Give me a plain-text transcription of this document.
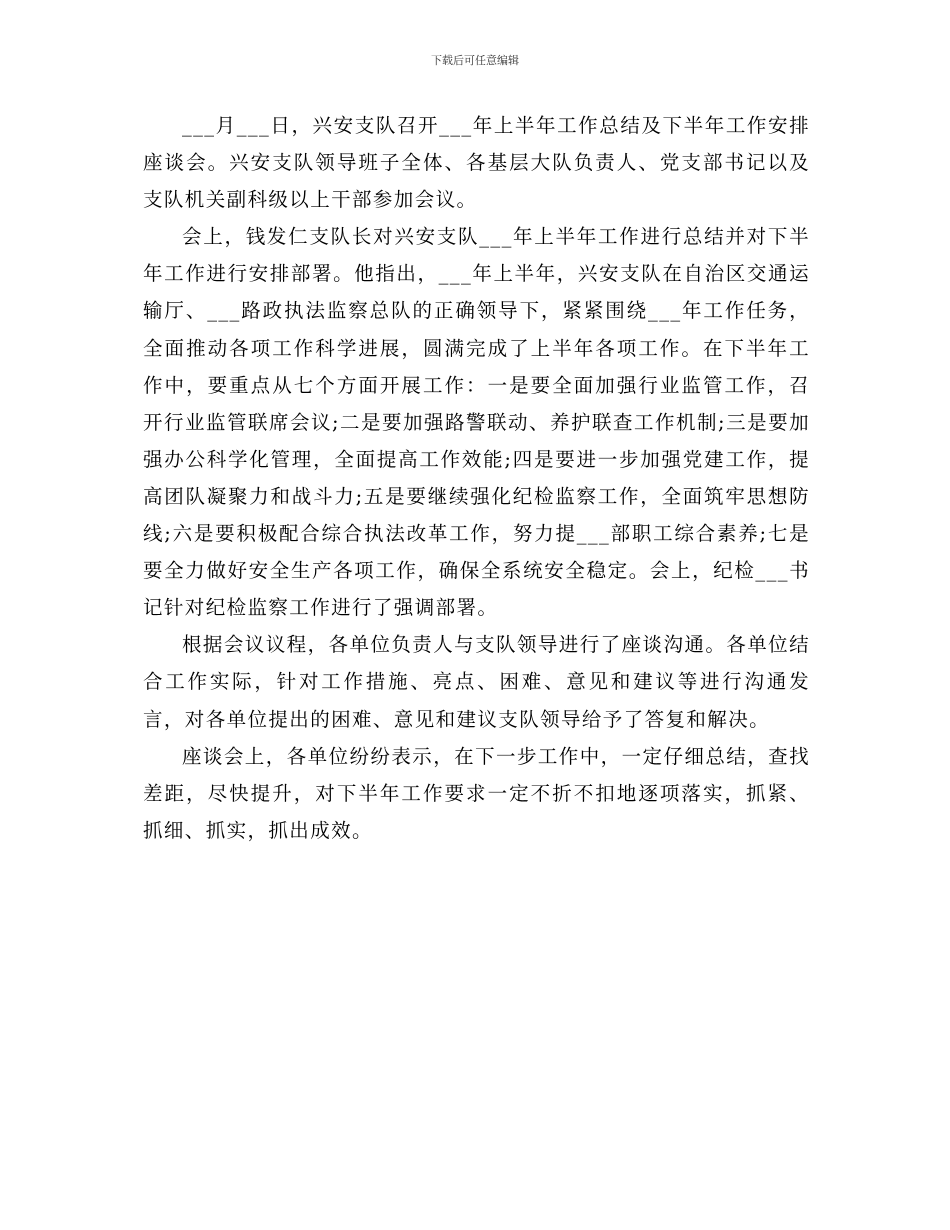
下载后可任意编辑

___月___日，兴安支队召开___年上半年工作总结及下半年工作安排座谈会。兴安支队领导班子全体、各基层大队负责人、党支部书记以及支队机关副科级以上干部参加会议。

会上，钱发仁支队长对兴安支队___年上半年工作进行总结并对下半年工作进行安排部署。他指出，___年上半年，兴安支队在自治区交通运输厅、___路政执法监察总队的正确领导下，紧紧围绕___年工作任务，全面推动各项工作科学进展，圆满完成了上半年各项工作。在下半年工作中，要重点从七个方面开展工作：一是要全面加强行业监管工作，召开行业监管联席会议;二是要加强路警联动、养护联查工作机制;三是要加强办公科学化管理，全面提高工作效能;四是要进一步加强党建工作，提高团队凝聚力和战斗力;五是要继续强化纪检监察工作，全面筑牢思想防线;六是要积极配合综合执法改革工作，努力提___部职工综合素养;七是要全力做好安全生产各项工作，确保全系统安全稳定。会上，纪检___书记针对纪检监察工作进行了强调部署。

根据会议议程，各单位负责人与支队领导进行了座谈沟通。各单位结合工作实际，针对工作措施、亮点、困难、意见和建议等进行沟通发言，对各单位提出的困难、意见和建议支队领导给予了答复和解决。

座谈会上，各单位纷纷表示，在下一步工作中，一定仔细总结，查找差距，尽快提升，对下半年工作要求一定不折不扣地逐项落实，抓紧、抓细、抓实，抓出成效。
